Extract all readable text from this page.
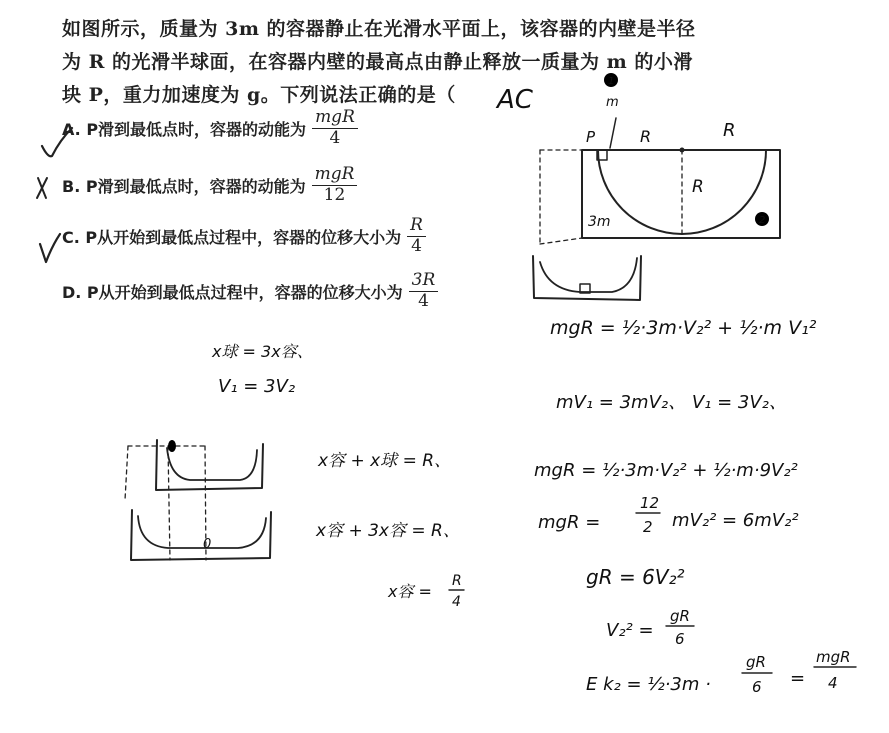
如图所示，质量为 3m 的容器静止在光滑水平面上，该容器的内壁是半径
为 R 的光滑半球面，在容器内壁的最高点由静止释放一质量为 m 的小滑
块 P，重力加速度为 g。下列说法正确的是（
A. P滑到最低点时，容器的动能为 $\frac{\text{mgR}}{4}$
B. P滑到最低点时，容器的动能为 $\frac{\text{mgR}}{12}$
C. P从开始到最低点过程中，容器的位移大小为 $\frac{R}{4}$
D. P从开始到最低点过程中，容器的位移大小为 $\frac{3R}{4}$
AC
P	R	R
R
3m	2
1
m
x球 = 3x容、
V₁ = 3V₂
0
x容 + x球 = R、
x容 + 3x容 = R、
x容 =
R
4
mgR = ½·3m·V₂² + ½·m V₁²
mV₁ = 3mV₂、 V₁ = 3V₂、
mgR = ½·3m·V₂² + ½·m·9V₂²
mgR =
12
2 mV₂² = 6mV₂²
gR = 6V₂²
V₂² =
gR
6
E k₂ = ½·3m ·
gR
6 =
mgR
4
